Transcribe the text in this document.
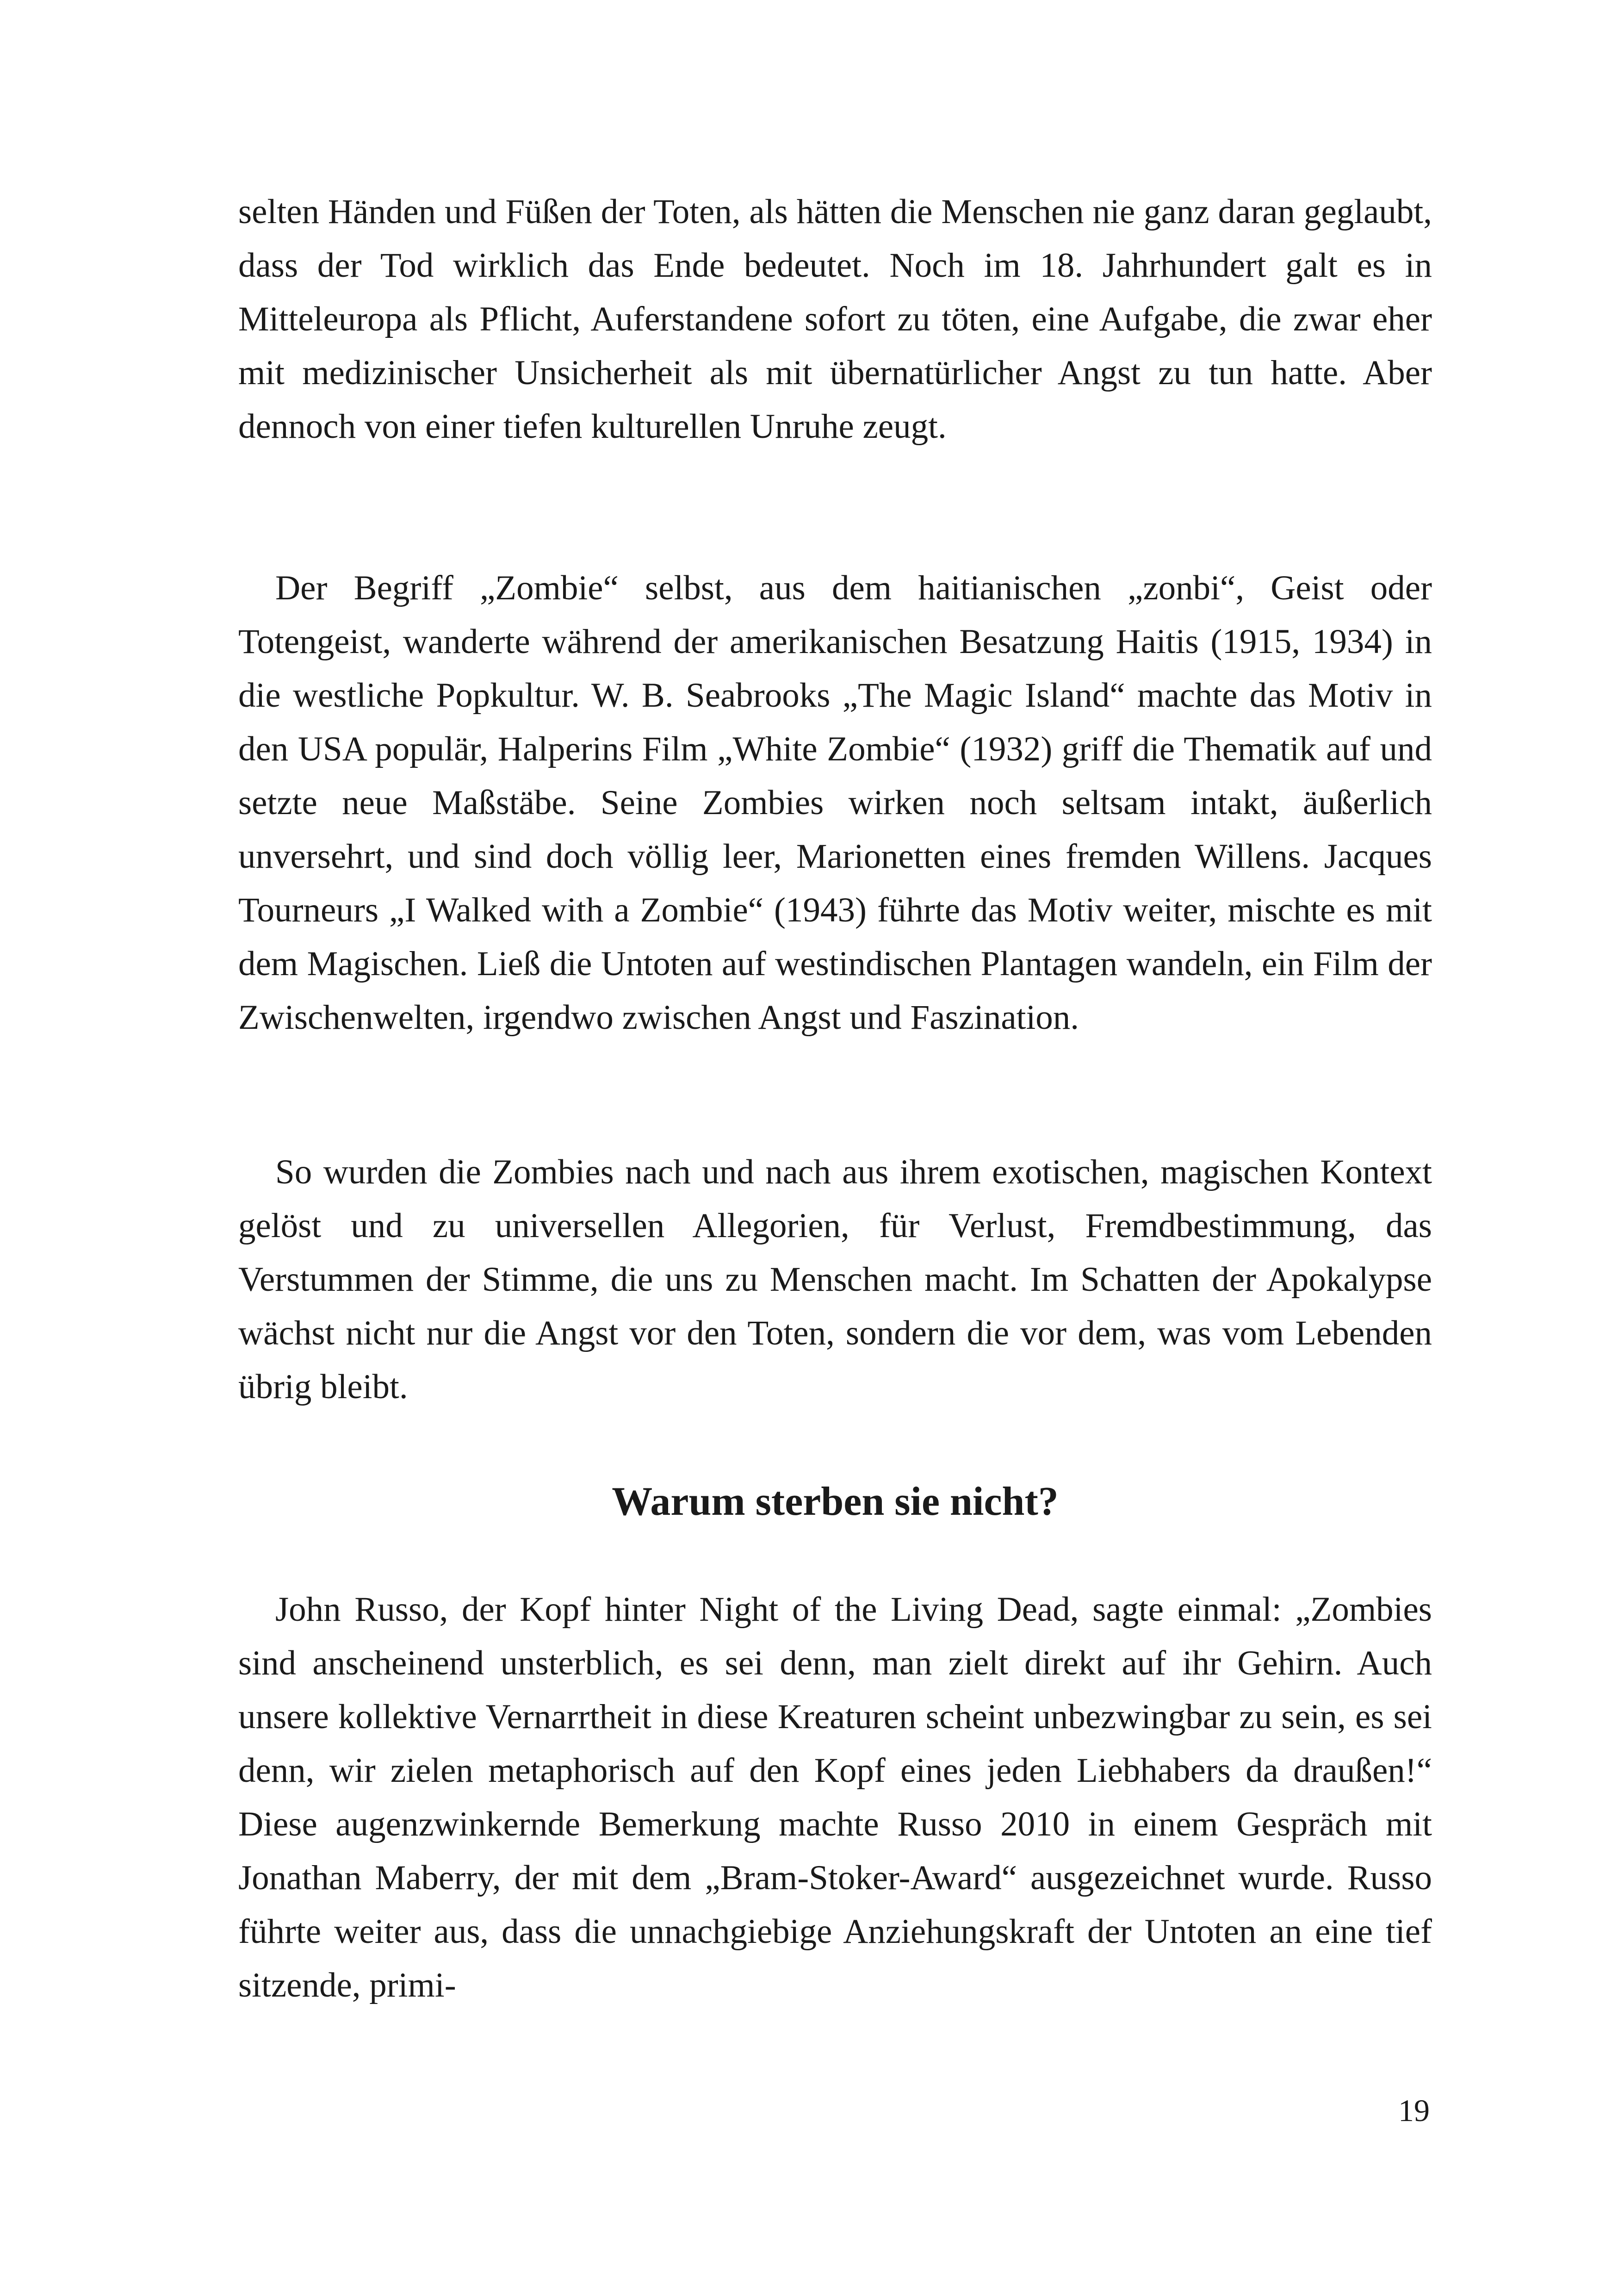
selten Händen und Füßen der Toten, als hätten die Menschen nie ganz daran geglaubt, dass der Tod wirklich das Ende bedeutet. Noch im 18. Jahrhundert galt es in Mitteleuropa als Pflicht, Auferstandene sofort zu töten, eine Aufgabe, die zwar eher mit medizinischer Unsicherheit als mit übernatürlicher Angst zu tun hatte. Aber dennoch von einer tiefen kulturellen Unruhe zeugt.

Der Begriff „Zombie“ selbst, aus dem haitianischen „zonbi“, Geist oder Totengeist, wanderte während der amerikanischen Besatzung Haitis (1915, 1934) in die westliche Popkultur. W. B. Seabrooks „The Magic Island“ machte das Motiv in den USA populär, Halperins Film „White Zombie“ (1932) griff die Thematik auf und setzte neue Maßstäbe. Seine Zombies wirken noch seltsam intakt, äußerlich unversehrt, und sind doch völlig leer, Marionetten eines fremden Willens. Jacques Tourneurs „I Walked with a Zombie“ (1943) führte das Motiv weiter, mischte es mit dem Magischen. Ließ die Untoten auf westindischen Plantagen wandeln, ein Film der Zwischenwelten, irgendwo zwischen Angst und Faszination.

So wurden die Zombies nach und nach aus ihrem exotischen, magischen Kontext gelöst und zu universellen Allegorien, für Verlust, Fremdbestimmung, das Verstummen der Stimme, die uns zu Menschen macht. Im Schatten der Apokalypse wächst nicht nur die Angst vor den Toten, sondern die vor dem, was vom Lebenden übrig bleibt.

Warum sterben sie nicht?

John Russo, der Kopf hinter Night of the Living Dead, sagte einmal: „Zombies sind anscheinend unsterblich, es sei denn, man zielt direkt auf ihr Gehirn. Auch unsere kollektive Vernarrtheit in diese Kreaturen scheint unbezwingbar zu sein, es sei denn, wir zielen metaphorisch auf den Kopf eines jeden Liebhabers da draußen!“ Diese augenzwinkernde Bemerkung machte Russo 2010 in einem Gespräch mit Jonathan Maberry, der mit dem „Bram-Stoker-Award“ ausgezeichnet wurde. Russo führte weiter aus, dass die unnachgiebige Anziehungskraft der Untoten an eine tief sitzende, primi-

19
